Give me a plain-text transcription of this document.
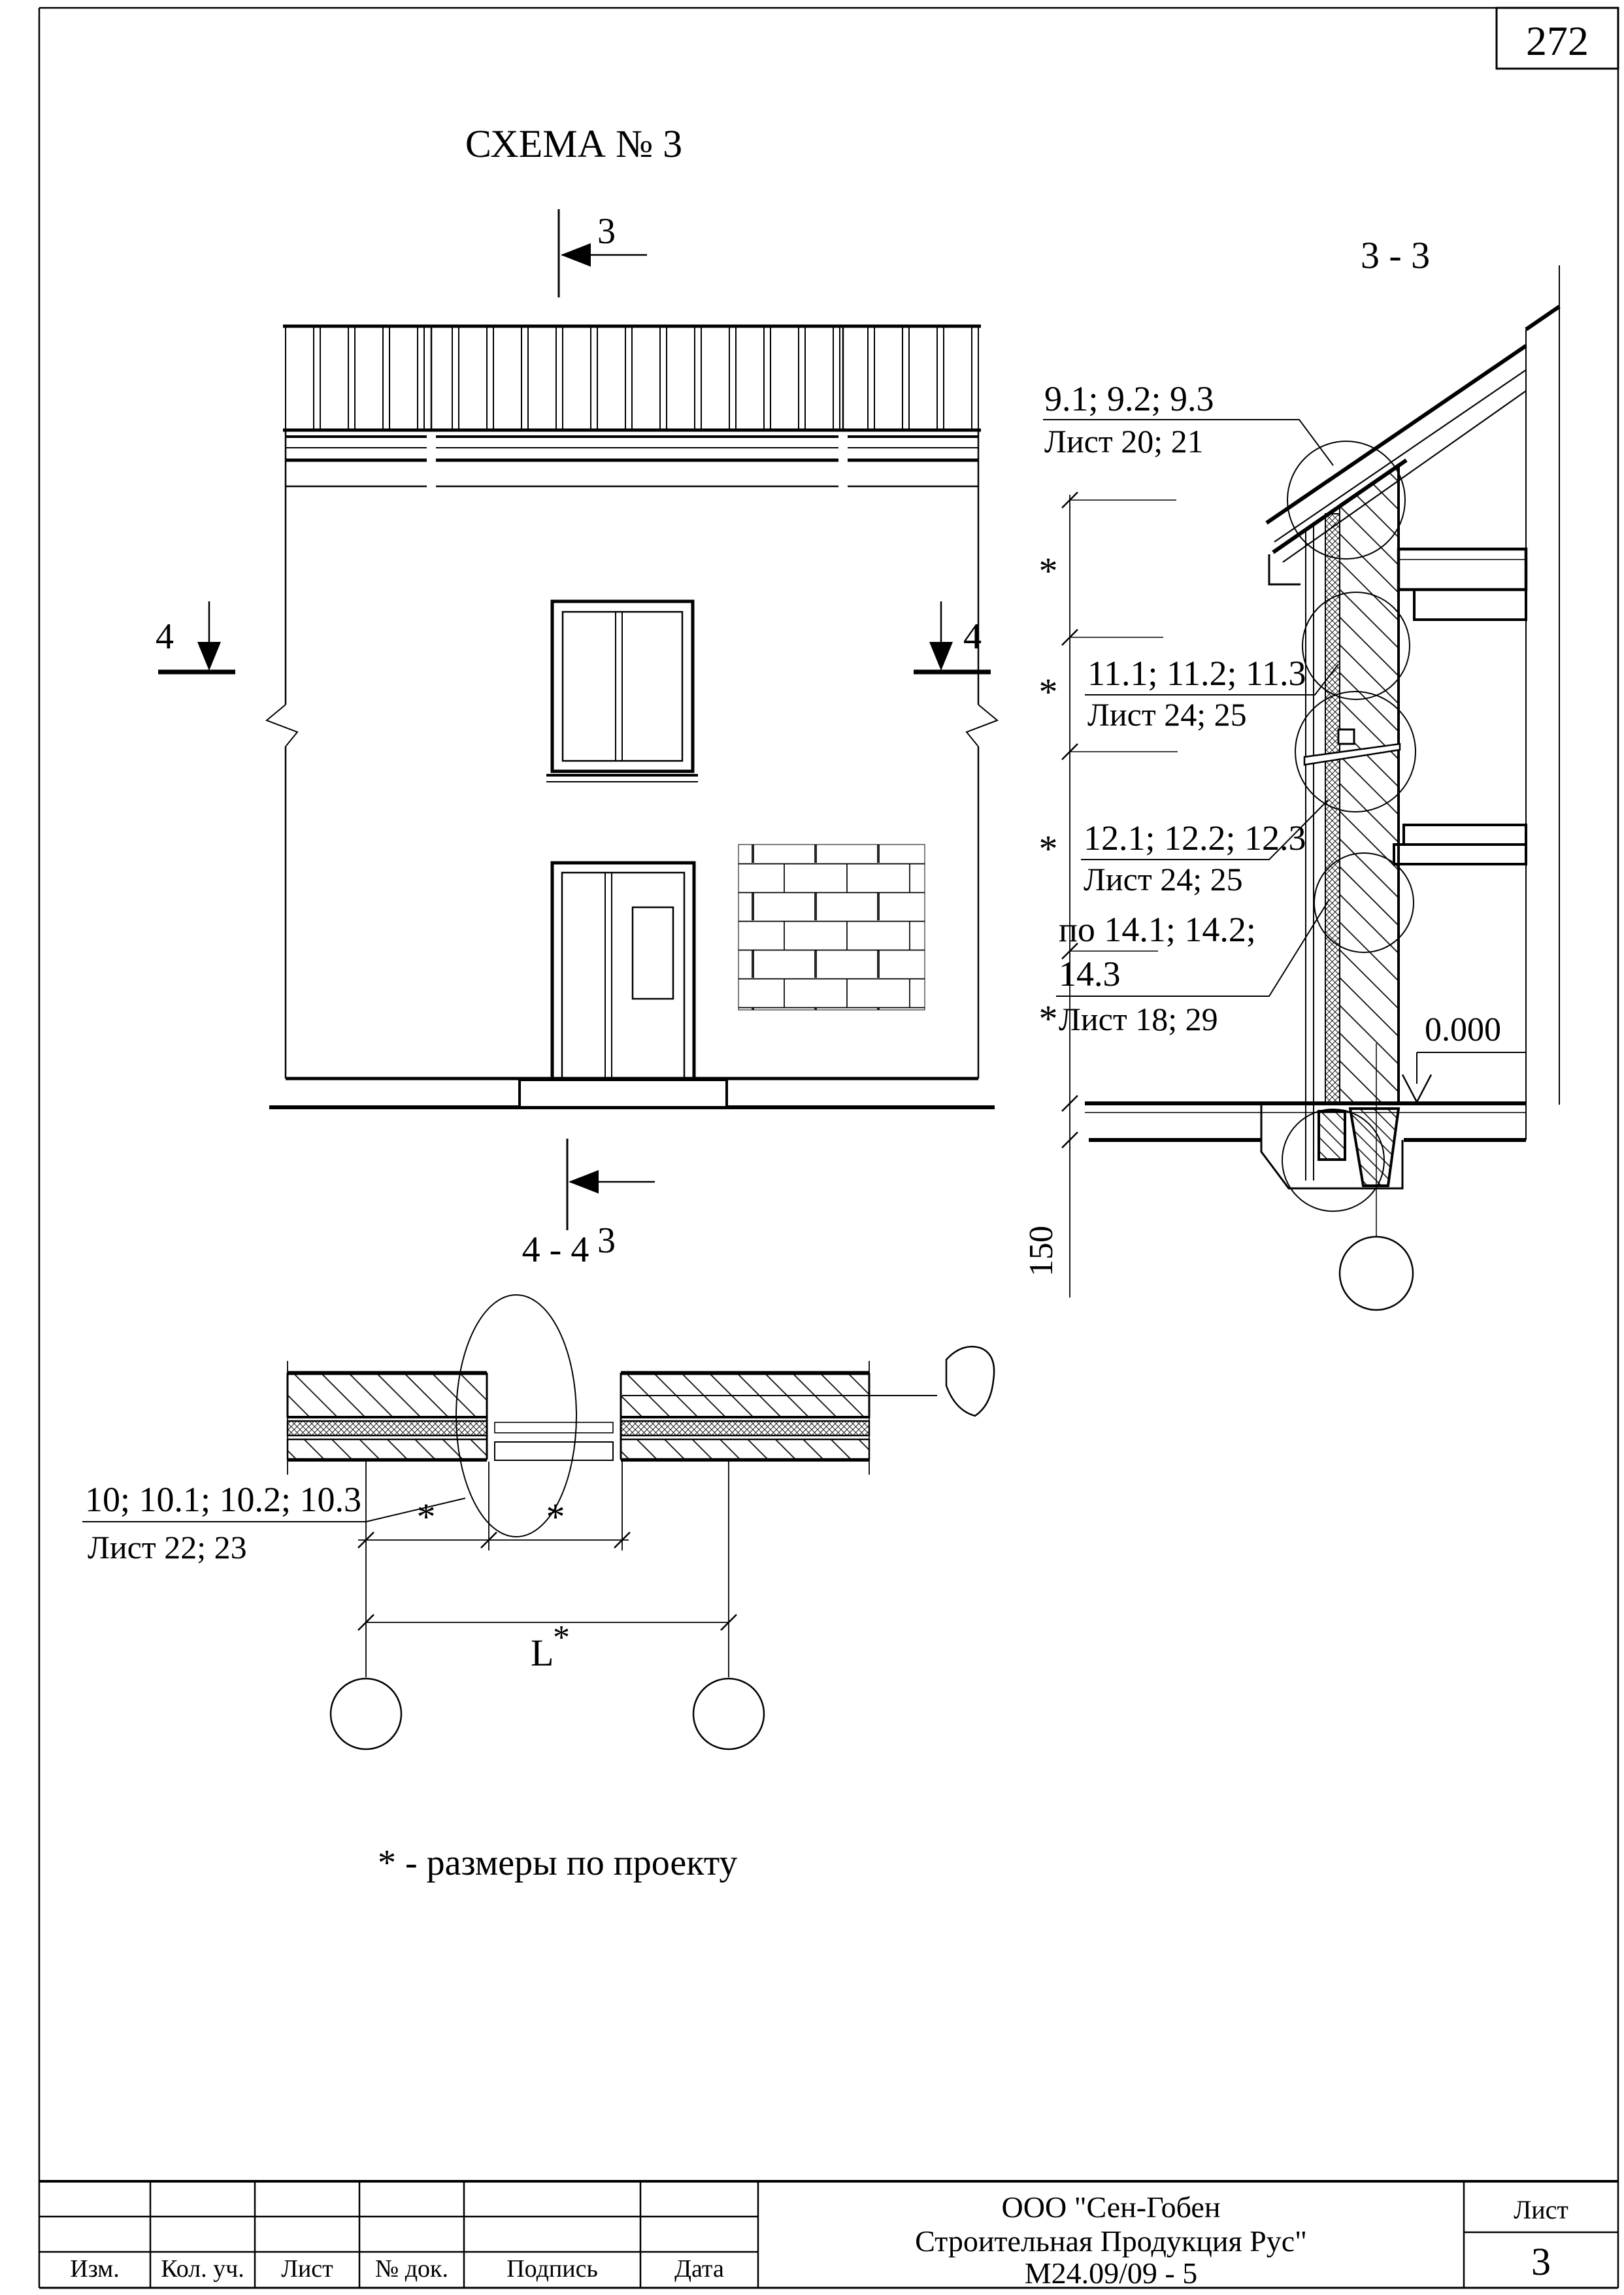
272
СХЕМА № 3
3
4	4
3
3 - 3
0.000
*
*
*
*
150
9.1; 9.2; 9.3
Лист 20; 21
11.1; 11.2; 11.3
Лист 24; 25
12.1; 12.2; 12.3
Лист 24; 25
по 14.1; 14.2;
14.3
Лист 18; 29
4 - 4
10; 10.1; 10.2; 10.3
Лист 22; 23
*	*
L
*
* - размеры по проекту
Изм. Кол. уч. Лист № док. Подпись	Дата
ООО "Сен-Гобен
Строительная Продукция Рус"
М24.09/09 - 5
Лист
3
